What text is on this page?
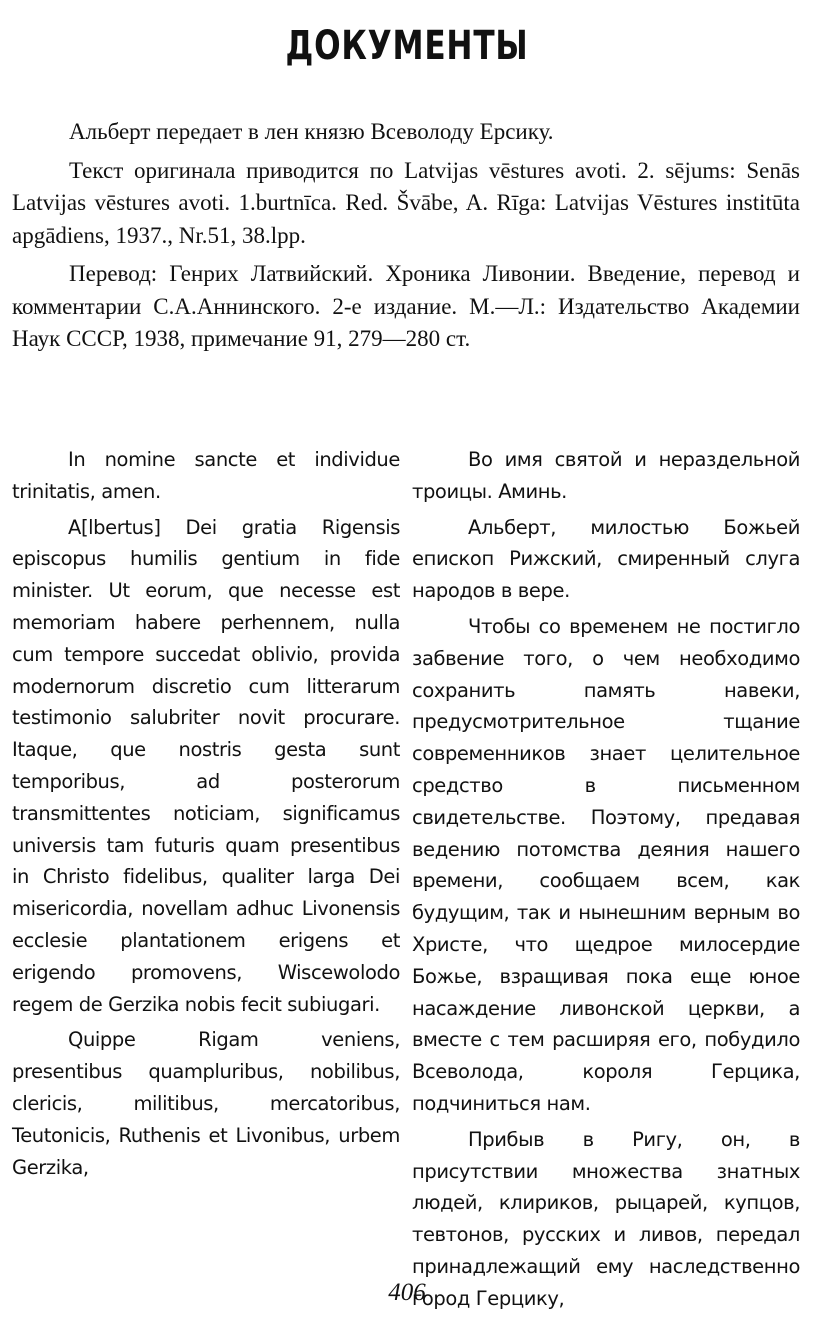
ДОКУМЕНТЫ

Альберт передает в лен князю Всеволоду Ерсику.

Текст оригинала приводится по Latvijas vēstures avoti. 2. sējums: Senās Latvijas vēstures avoti. 1.burtnīca. Red. Švābe, A. Rīga: Latvijas Vēstures institūta apgādiens, 1937., Nr.51, 38.lpp.

Перевод: Генрих Латвийский. Хроника Ливонии. Введение, перевод и комментарии С.А.Аннинского. 2-е издание. М.—Л.: Издательство Академии Наук СССР, 1938, примечание 91, 279—280 ст.

In nomine sancte et individue trinitatis, amen.

A[lbertus] Dei gratia Rigensis episcopus humilis gentium in fide minister. Ut eorum, que necesse est memoriam habere perhennem, nulla cum tempore succedat oblivio, provida modernorum discretio cum litterarum testimonio salubriter novit procurare. Itaque, que nostris gesta sunt temporibus, ad posterorum transmittentes noticiam, significamus universis tam futuris quam presentibus in Christo fidelibus, qualiter larga Dei misericordia, novellam adhuc Livonensis ecclesie plantationem erigens et erigendo promovens, Wiscewolodo regem de Gerzika nobis fecit subiugari.

Quippe Rigam veniens, presentibus quampluribus, nobilibus, clericis, militibus, mercatoribus, Teutonicis, Ruthenis et Livonibus, urbem Gerzika,

Во имя святой и нераздельной троицы. Аминь.

Альберт, милостью Божьей епископ Рижский, смиренный слуга народов в вере.

Чтобы со временем не постигло забвение того, о чем необходимо сохранить память навеки, предусмотрительное тщание современников знает целительное средство в письменном свидетельстве. Поэтому, предавая ведению потомства деяния нашего времени, сообщаем всем, как будущим, так и нынешним верным во Христе, что щедрое милосердие Божье, взращивая пока еще юное насаждение ливонской церкви, а вместе с тем расширяя его, побудило Всеволода, короля Герцика, подчиниться нам.

Прибыв в Ригу, он, в присутствии множества знатных людей, клириков, рыцарей, купцов, тевтонов, русских и ливов, передал принадлежащий ему наследственно город Герцику,

406
